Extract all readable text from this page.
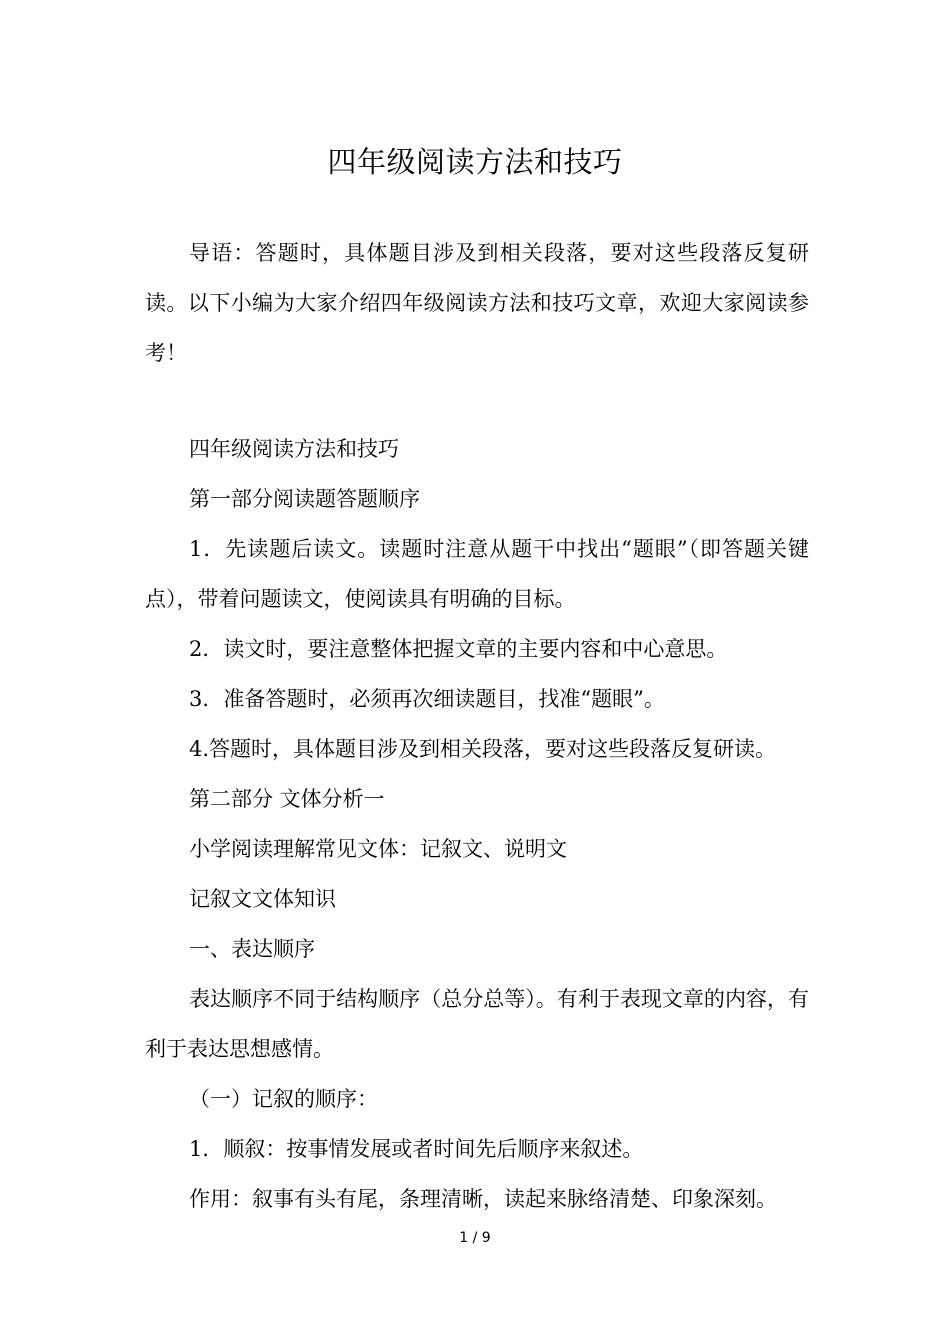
四年级阅读方法和技巧

导语：答题时，具体题目涉及到相关段落，要对这些段落反复研读。以下小编为大家介绍四年级阅读方法和技巧文章，欢迎大家阅读参考！

四年级阅读方法和技巧

第一部分阅读题答题顺序

1．先读题后读文。读题时注意从题干中找出“题眼”（即答题关键点），带着问题读文，使阅读具有明确的目标。

2．读文时，要注意整体把握文章的主要内容和中心意思。

3．准备答题时，必须再次细读题目，找准“题眼”。

4.答题时，具体题目涉及到相关段落，要对这些段落反复研读。

第二部分 文体分析一

小学阅读理解常见文体：记叙文、说明文

记叙文文体知识

一、表达顺序

表达顺序不同于结构顺序（总分总等）。有利于表现文章的内容，有利于表达思想感情。

（一）记叙的顺序：

1．顺叙：按事情发展或者时间先后顺序来叙述。

作用：叙事有头有尾，条理清晰，读起来脉络清楚、印象深刻。

1 / 9
